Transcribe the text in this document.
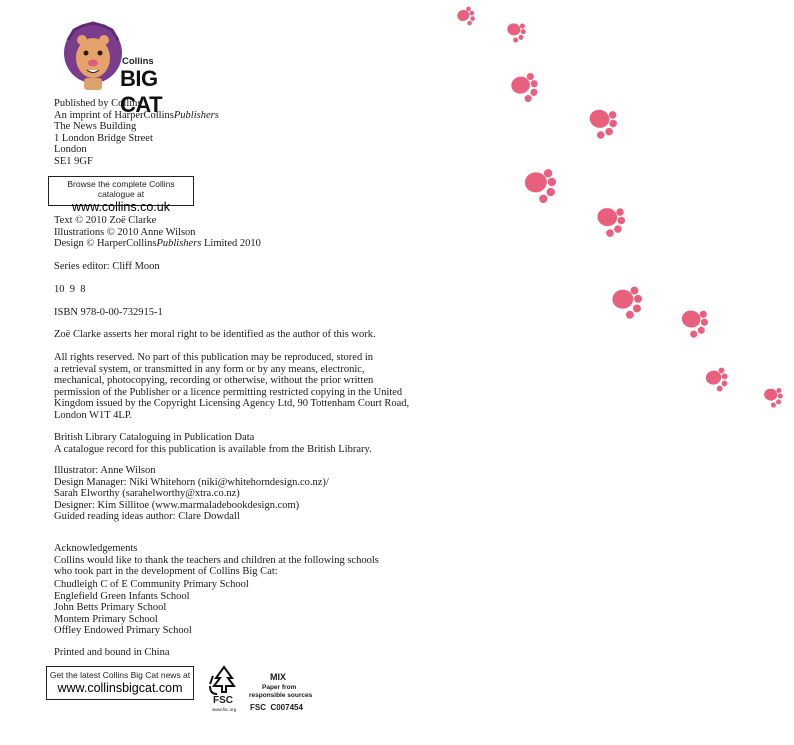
Collins
BIG CAT
Published by Collins
An imprint of HarperCollinsPublishers
The News Building
1 London Bridge Street
London
SE1 9GF
Browse the complete Collins catalogue at
www.collins.co.uk
Text © 2010 Zoë Clarke
Illustrations © 2010 Anne Wilson
Design © HarperCollinsPublishers Limited 2010
Series editor: Cliff Moon
10  9  8
ISBN 978-0-00-732915-1
Zoë Clarke asserts her moral right to be identified as the author of this work.
All rights reserved. No part of this publication may be reproduced, stored in
a retrieval system, or transmitted in any form or by any means, electronic,
mechanical, photocopying, recording or otherwise, without the prior written
permission of the Publisher or a licence permitting restricted copying in the United
Kingdom issued by the Copyright Licensing Agency Ltd, 90 Tottenham Court Road,
London W1T 4LP.
British Library Cataloguing in Publication Data
A catalogue record for this publication is available from the British Library.
Illustrator: Anne Wilson
Design Manager: Niki Whitehorn (niki@whitehorndesign.co.nz)/
Sarah Elworthy (sarahelworthy@xtra.co.nz)
Designer: Kim Sillitoe (www.marmaladebookdesign.com)
Guided reading ideas author: Clare Dowdall
Acknowledgements
Collins would like to thank the teachers and children at the following schools
who took part in the development of Collins Big Cat:
Chudleigh C of E Community Primary School
Englefield Green Infants School
John Betts Primary School
Montem Primary School
Offley Endowed Primary School
Printed and bound in China
Get the latest Collins Big Cat news at
www.collinsbigcat.com
FSC
www.fsc.org
MIX
Paper from
responsible sources
FSC  C007454
